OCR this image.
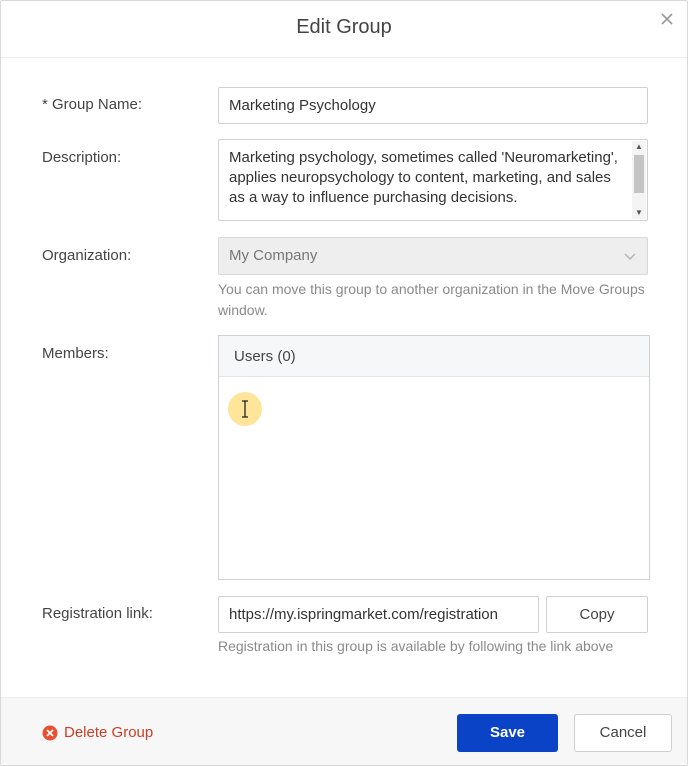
Edit Group
* Group Name:	Marketing Psychology
Description:	Marketing psychology, sometimes called 'Neuromarketing', applies neuropsychology to content, marketing, and sales as a way to influence purchasing decisions.
▲
▼
Organization:	My Company
You can move this group to another organization in the Move Groups window.
Members:	Users (0)
Registration link:	https://my.ispringmarket.com/registration	Copy
Registration in this group is available by following the link above
Delete Group	Save	Cancel
